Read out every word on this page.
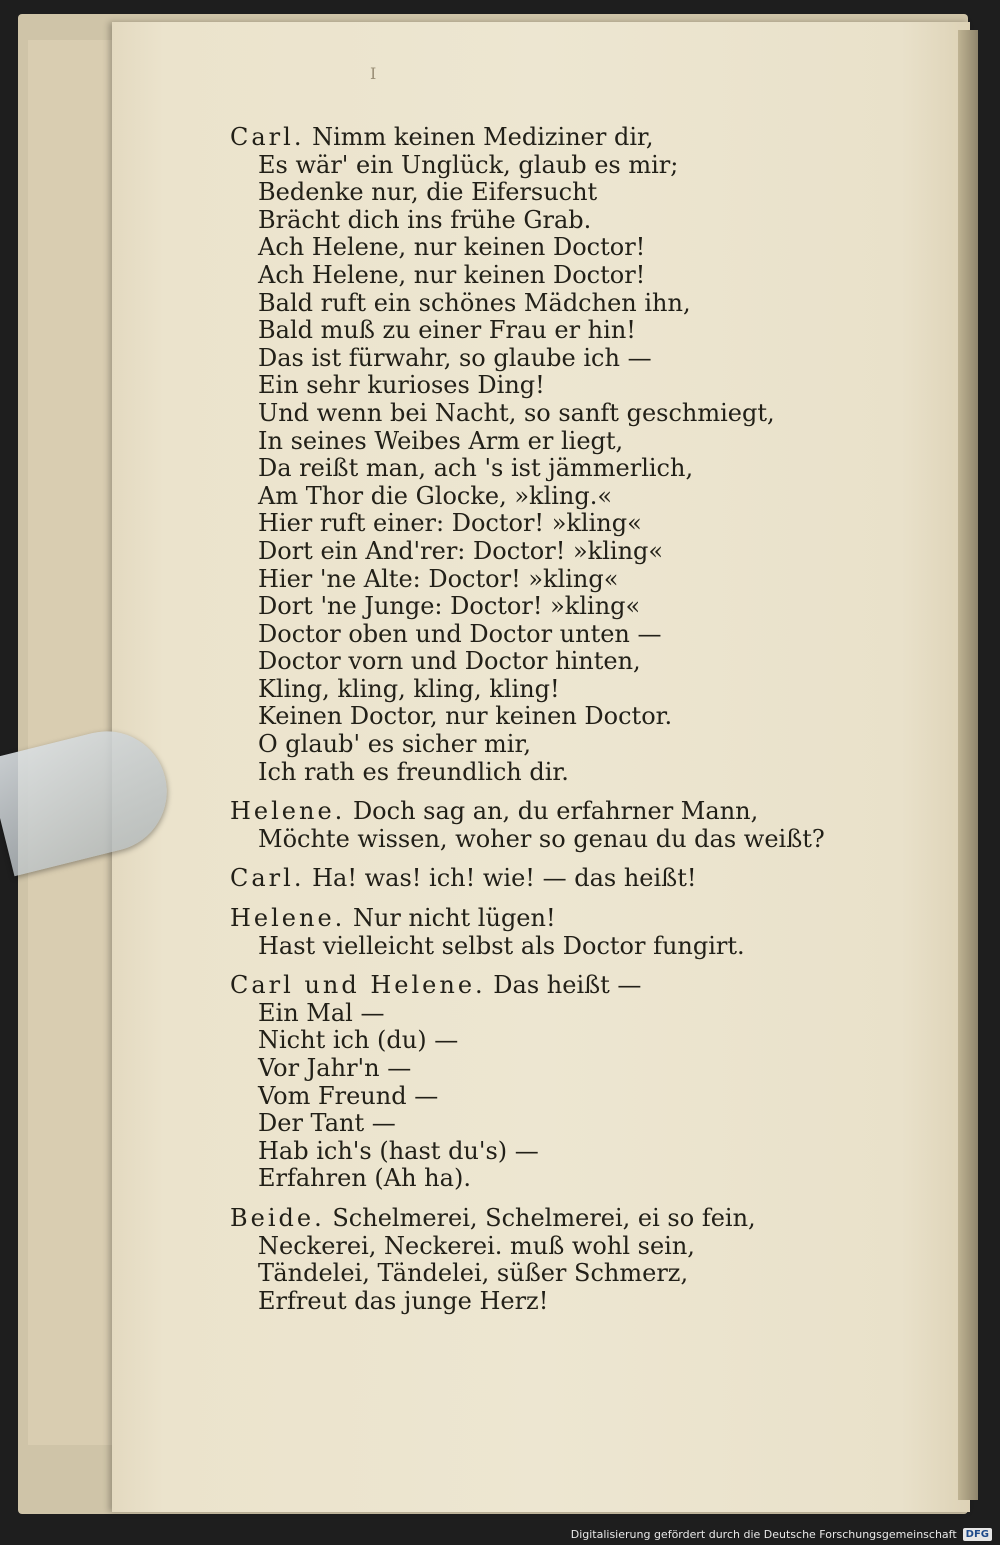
I
Carl. Nimm keinen Mediziner dir,
Es wär' ein Unglück, glaub es mir;
Bedenke nur, die Eifersucht
Brächt dich ins frühe Grab.
Ach Helene, nur keinen Doctor!
Ach Helene, nur keinen Doctor!
Bald ruft ein schönes Mädchen ihn,
Bald muß zu einer Frau er hin!
Das ist fürwahr, so glaube ich —
Ein sehr kurioses Ding!
Und wenn bei Nacht, so sanft geschmiegt,
In seines Weibes Arm er liegt,
Da reißt man, ach 's ist jämmerlich,
Am Thor die Glocke, »kling.«
Hier ruft einer: Doctor! »kling«
Dort ein And'rer: Doctor! »kling«
Hier 'ne Alte: Doctor! »kling«
Dort 'ne Junge: Doctor! »kling«
Doctor oben und Doctor unten —
Doctor vorn und Doctor hinten,
Kling, kling, kling, kling!
Keinen Doctor, nur keinen Doctor.
O glaub' es sicher mir,
Ich rath es freundlich dir.
Helene. Doch sag an, du erfahrner Mann,
Möchte wissen, woher so genau du das weißt?
Carl. Ha! was! ich! wie! — das heißt!
Helene. Nur nicht lügen!
Hast vielleicht selbst als Doctor fungirt.
Carl und Helene. Das heißt —
Ein Mal —
Nicht ich (du) —
Vor Jahr'n —
Vom Freund —
Der Tant —
Hab ich's (hast du's) —
Erfahren (Ah ha).
Beide. Schelmerei, Schelmerei, ei so fein,
Neckerei, Neckerei. muß wohl sein,
Tändelei, Tändelei, süßer Schmerz,
Erfreut das junge Herz!
Digitalisierung gefördert durch die Deutsche Forschungsgemeinschaft DFG
